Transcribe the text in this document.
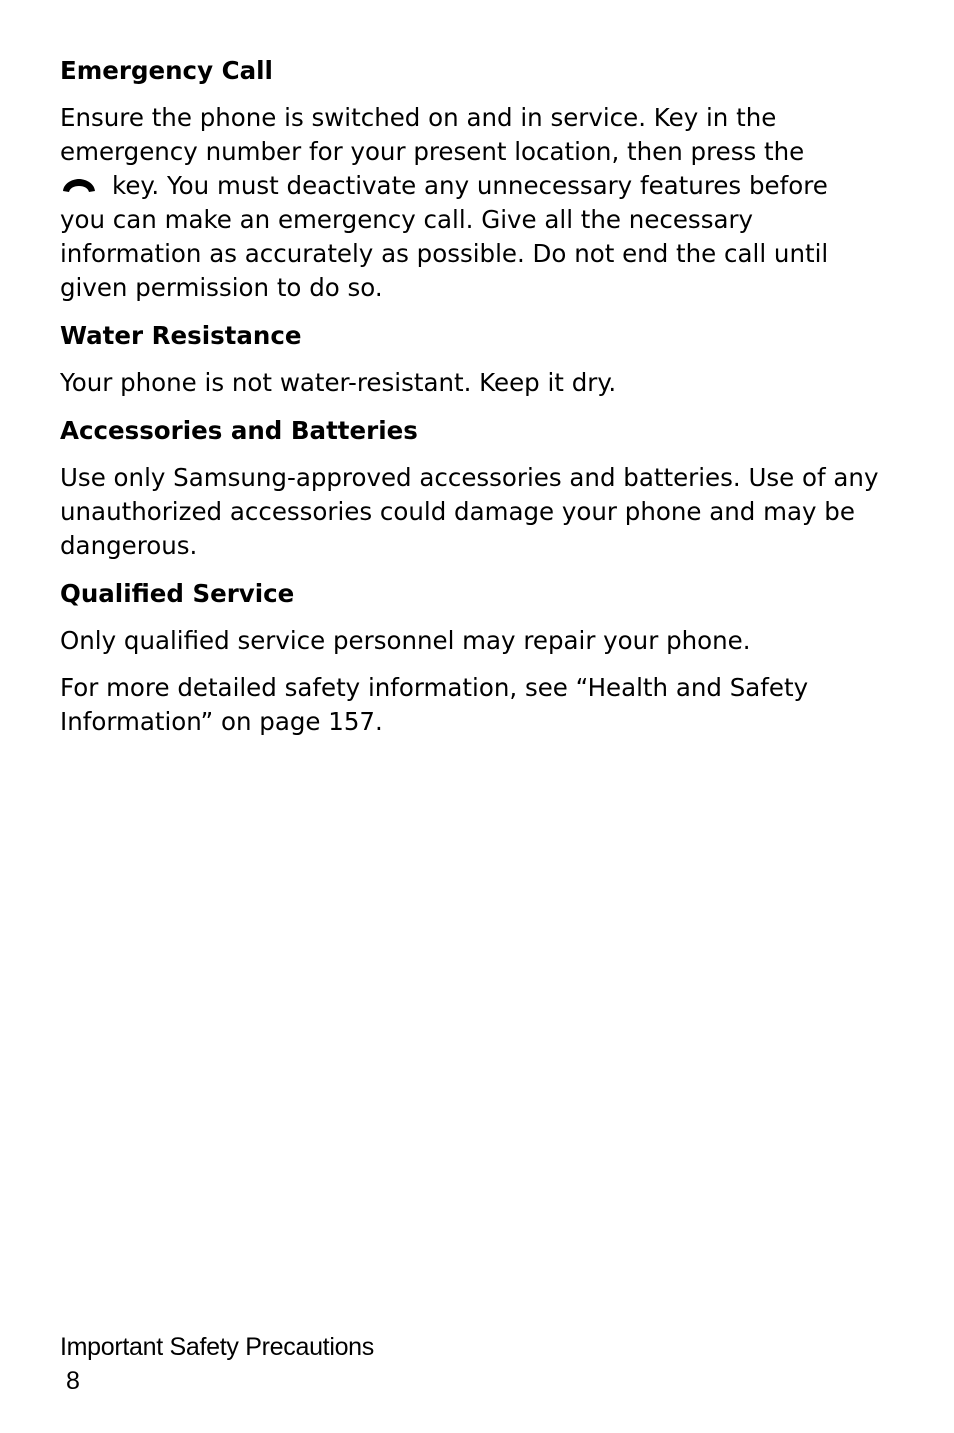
Emergency Call

Ensure the phone is switched on and in service. Key in the emergency number for your present location, then press the

key. You must deactivate any unnecessary features before you can make an emergency call. Give all the necessary information as accurately as possible. Do not end the call until given permission to do so.

Water Resistance

Your phone is not water-resistant. Keep it dry.

Accessories and Batteries

Use only Samsung-approved accessories and batteries. Use of any unauthorized accessories could damage your phone and may be dangerous.

Qualified Service

Only qualified service personnel may repair your phone.

For more detailed safety information, see “Health and Safety Information” on page 157.

Important Safety Precautions
8
